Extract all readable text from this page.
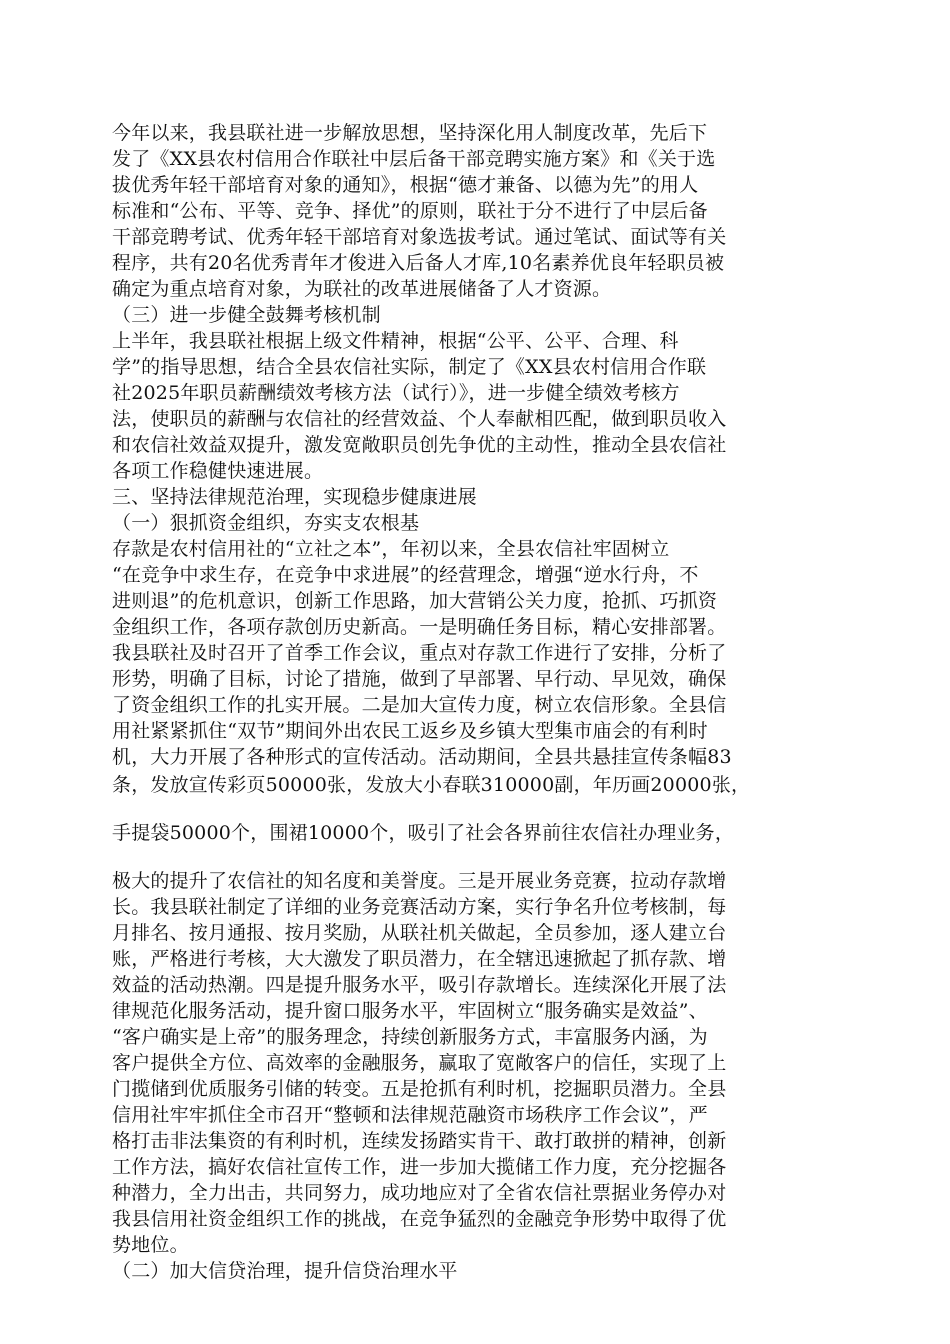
今年以来，我县联社进一步解放思想，坚持深化用人制度改革，先后下
发了《XX县农村信用合作联社中层后备干部竞聘实施方案》和《关于选
拔优秀年轻干部培育对象的通知》，根据“德才兼备、以德为先”的用人
标准和“公布、平等、竞争、择优”的原则，联社于分不进行了中层后备
干部竞聘考试、优秀年轻干部培育对象选拔考试。通过笔试、面试等有关
程序，共有20名优秀青年才俊进入后备人才库,10名素养优良年轻职员被
确定为重点培育对象，为联社的改革进展储备了人才资源。
（三）进一步健全鼓舞考核机制
上半年，我县联社根据上级文件精神，根据“公平、公平、合理、科
学”的指导思想，结合全县农信社实际，制定了《XX县农村信用合作联
社2025年职员薪酬绩效考核方法（试行）》，进一步健全绩效考核方
法，使职员的薪酬与农信社的经营效益、个人奉献相匹配，做到职员收入
和农信社效益双提升，激发宽敞职员创先争优的主动性，推动全县农信社
各项工作稳健快速进展。
三、坚持法律规范治理，实现稳步健康进展
（一）狠抓资金组织，夯实支农根基
存款是农村信用社的“立社之本”，年初以来，全县农信社牢固树立
“在竞争中求生存，在竞争中求进展”的经营理念，增强“逆水行舟，不
进则退”的危机意识，创新工作思路，加大营销公关力度，抢抓、巧抓资
金组织工作，各项存款创历史新高。一是明确任务目标，精心安排部署。
我县联社及时召开了首季工作会议，重点对存款工作进行了安排，分析了
形势，明确了目标，讨论了措施，做到了早部署、早行动、早见效，确保
了资金组织工作的扎实开展。二是加大宣传力度，树立农信形象。全县信
用社紧紧抓住“双节”期间外出农民工返乡及乡镇大型集市庙会的有利时
机，大力开展了各种形式的宣传活动。活动期间，全县共悬挂宣传条幅83
条，发放宣传彩页50000张，发放大小春联310000副，年历画20000张，
手提袋50000个，围裙10000个，吸引了社会各界前往农信社办理业务，
极大的提升了农信社的知名度和美誉度。三是开展业务竞赛，拉动存款增
长。我县联社制定了详细的业务竞赛活动方案，实行争名升位考核制，每
月排名、按月通报、按月奖励，从联社机关做起，全员参加，逐人建立台
账，严格进行考核，大大激发了职员潜力，在全辖迅速掀起了抓存款、增
效益的活动热潮。四是提升服务水平，吸引存款增长。连续深化开展了法
律规范化服务活动，提升窗口服务水平，牢固树立“服务确实是效益”、
“客户确实是上帝”的服务理念，持续创新服务方式，丰富服务内涵，为
客户提供全方位、高效率的金融服务，赢取了宽敞客户的信任，实现了上
门揽储到优质服务引储的转变。五是抢抓有利时机，挖掘职员潜力。全县
信用社牢牢抓住全市召开“整顿和法律规范融资市场秩序工作会议”，严
格打击非法集资的有利时机，连续发扬踏实肯干、敢打敢拼的精神，创新
工作方法，搞好农信社宣传工作，进一步加大揽储工作力度，充分挖掘各
种潜力，全力出击，共同努力，成功地应对了全省农信社票据业务停办对
我县信用社资金组织工作的挑战，在竞争猛烈的金融竞争形势中取得了优
势地位。
（二）加大信贷治理，提升信贷治理水平
